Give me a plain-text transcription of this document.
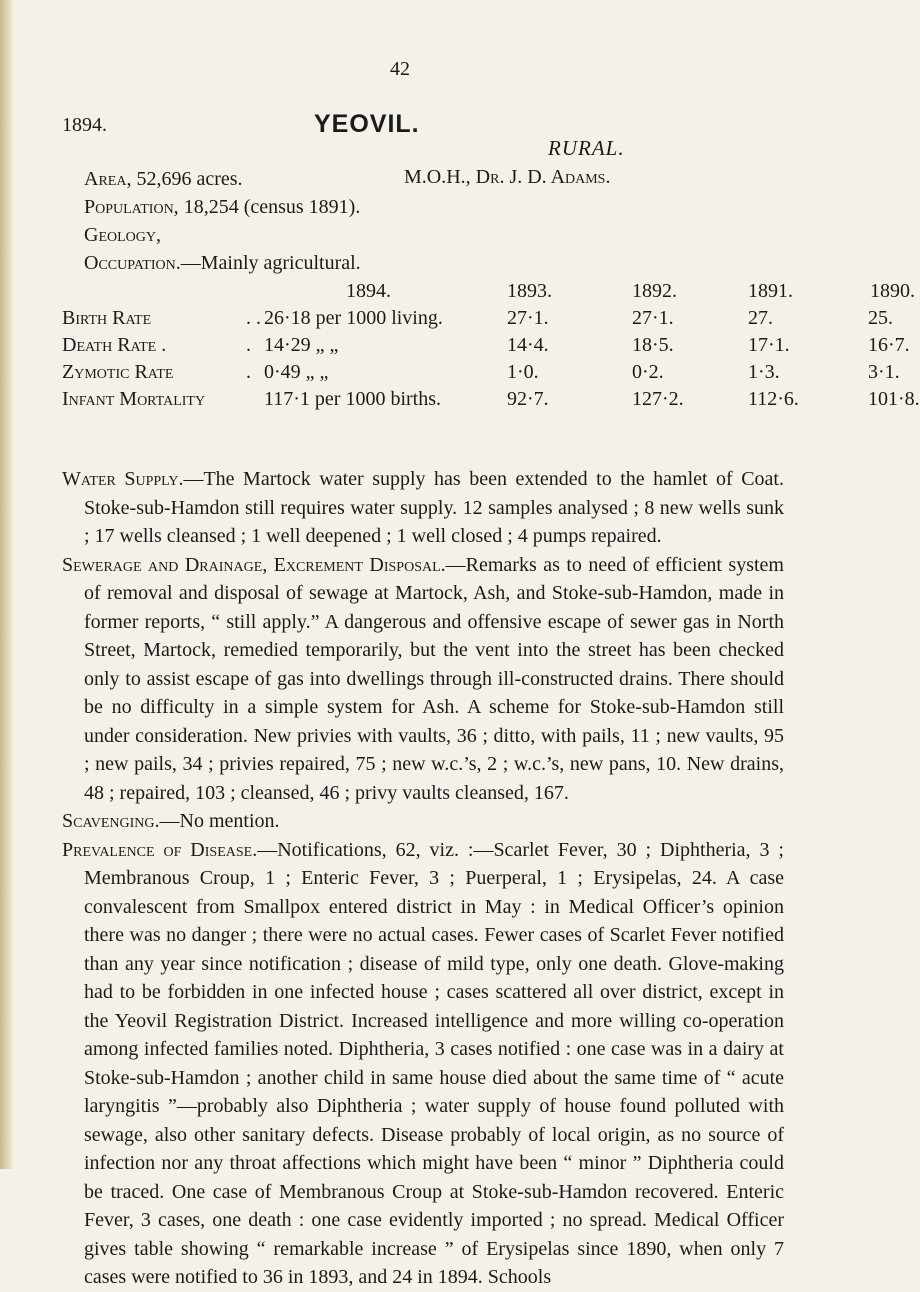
42
1894.	YEOVIL.
RURAL.
M.O.H., Dr. J. D. Adams.
Area, 52,696 acres.
Population, 18,254 (census 1891).
Geology,
Occupation.—Mainly agricultural.
1894.	1893.	1892.	1891.	1890.
Birth Rate	. . 26·18 per 1000 living.	27·1.	27·1.	27.	25.
Death Rate .	. 14·29 „ „	14·4.	18·5.	17·1.	16·7.
Zymotic Rate	. 0·49 „ „	1·0.	0·2.	1·3.	3·1.
Infant Mortality	117·1 per 1000 births.	92·7.	127·2.	112·6.	101·8.

Water Supply.—The Martock water supply has been extended to the hamlet of Coat. Stoke-sub-Hamdon still requires water supply. 12 samples analysed ; 8 new wells sunk ; 17 wells cleansed ; 1 well deepened ; 1 well closed ; 4 pumps repaired.

Sewerage and Drainage, Excrement Disposal.—Remarks as to need of efficient system of removal and disposal of sewage at Martock, Ash, and Stoke-sub-Hamdon, made in former reports, “ still apply.” A dangerous and offensive escape of sewer gas in North Street, Martock, remedied temporarily, but the vent into the street has been checked only to assist escape of gas into dwellings through ill-constructed drains. There should be no difficulty in a simple system for Ash. A scheme for Stoke-sub-Hamdon still under consideration. New privies with vaults, 36 ; ditto, with pails, 11 ; new vaults, 95 ; new pails, 34 ; privies repaired, 75 ; new w.c.’s, 2 ; w.c.’s, new pans, 10. New drains, 48 ; repaired, 103 ; cleansed, 46 ; privy vaults cleansed, 167.

Scavenging.—No mention.

Prevalence of Disease.—Notifications, 62, viz. :—Scarlet Fever, 30 ; Diphtheria, 3 ; Membranous Croup, 1 ; Enteric Fever, 3 ; Puerperal, 1 ; Erysipelas, 24. A case convalescent from Smallpox entered district in May : in Medical Officer’s opinion there was no danger ; there were no actual cases. Fewer cases of Scarlet Fever notified than any year since notification ; disease of mild type, only one death. Glove-making had to be forbidden in one infected house ; cases scattered all over district, except in the Yeovil Registration District. Increased intelligence and more willing co-operation among infected families noted. Diphtheria, 3 cases notified : one case was in a dairy at Stoke-sub-Hamdon ; another child in same house died about the same time of “ acute laryngitis ”—probably also Diphtheria ; water supply of house found polluted with sewage, also other sanitary defects. Disease probably of local origin, as no source of infection nor any throat affections which might have been “ minor ” Diphtheria could be traced. One case of Membranous Croup at Stoke-sub-Hamdon recovered. Enteric Fever, 3 cases, one death : one case evidently imported ; no spread. Medical Officer gives table showing “ remarkable increase ” of Erysipelas since 1890, when only 7 cases were notified to 36 in 1893, and 24 in 1894. Schools
